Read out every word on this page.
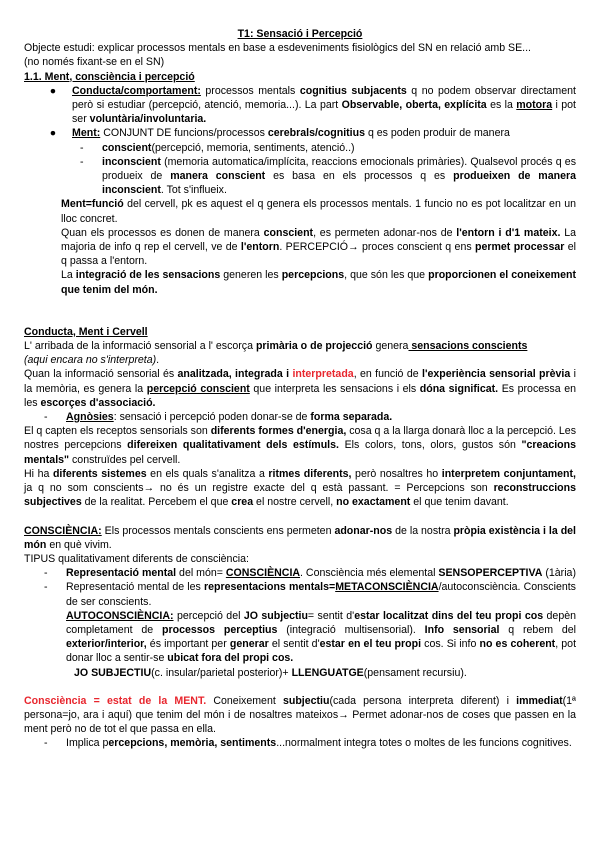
T1: Sensació i Percepció

Objecte estudi: explicar processos mentals en base a esdeveniments fisiològics del SN en relació amb SE...

(no només fixant-se en el SN)

1.1. Ment, consciència i percepció

●	Conducta/comportament: processos mentals cognitius subjacents q no podem observar directament però si estudiar (percepció, atenció, memoria...). La part Observable, oberta, explícita es la motora i pot ser voluntària/involuntaria.

●	Ment: CONJUNT DE funcions/processos cerebrals/cognitius q es poden produir de manera

-	conscient(percepció, memoria, sentiments, atenció..)

-	inconscient (memoria automatica/implícita, reaccions emocionals primàries). Qualsevol procés q es produeix de manera conscient es basa en els processos q es produeixen de manera inconscient. Tot s'influeix.

Ment=funció del cervell, pk es aquest el q genera els processos mentals. 1 funcio no es pot localitzar en un lloc concret.

Quan els processos es donen de manera conscient, es permeten adonar-nos de l'entorn i d'1 mateix. La majoria de info q rep el cervell, ve de l'entorn. PERCEPCIÓ→ proces conscient q ens permet processar el q passa a l'entorn.

La integració de les sensacions generen les percepcions, que són les que proporcionen el coneixement que tenim del món.

Conducta, Ment i Cervell

L' arribada de la informació sensorial a l' escorça primària o de projecció genera sensacions conscients
(aqui encara no s'interpreta).

Quan la informació sensorial és analitzada, integrada i interpretada, en funció de l'experiència sensorial prèvia i la memòria, es genera la percepció conscient que interpreta les sensacions i els dóna significat. Es processa en les escorçes d'associació.

-	Agnòsies: sensació i percepció poden donar-se de forma separada.

El q capten els receptos sensorials son diferents formes d'energia, cosa q a la llarga donarà lloc a la percepció. Les nostres percepcions difereixen qualitativament dels estímuls. Els colors, tons, olors, gustos són "creacions mentals" construïdes pel cervell.

Hi ha diferents sistemes en els quals s'analitza a ritmes diferents, però nosaltres ho interpretem conjuntament, ja q no som conscients→ no és un registre exacte del q està passant. = Percepcions son reconstruccions subjectives de la realitat. Percebem el que crea el nostre cervell, no exactament el que tenim davant.

CONSCIÈNCIA: Els processos mentals conscients ens permeten adonar-nos de la nostra pròpia existència i la del món en què vivim.

TIPUS qualitativament diferents de consciència:

-	Representació mental del món= CONSCIÈNCIA. Consciència més elemental SENSOPERCEPTIVA (1ària)

-	Representació mental de les representacions mentals=METACONSCIÈNCIA/autoconsciència. Conscients de ser conscients.

AUTOCONSCIÈNCIA: percepció del JO subjectiu= sentit d'estar localitzat dins del teu propi cos depèn completament de processos perceptius (integració multisensorial). Info sensorial q rebem del exterior/interior, és important per generar el sentit d'estar en el teu propi cos. Si info no es coherent, pot donar lloc a sentir-se ubicat fora del propi cos.

JO SUBJECTIU(c. insular/parietal posterior)+ LLENGUATGE(pensament recursiu).

Consciència = estat de la MENT. Coneixement subjectiu(cada persona interpreta diferent) i immediat(1ª persona=jo, ara i aquí) que tenim del món i de nosaltres mateixos→ Permet adonar-nos de coses que passen en la ment però no de tot el que passa en ella.

-	Implica percepcions, memòria, sentiments...normalment integra totes o moltes de les funcions cognitives.
